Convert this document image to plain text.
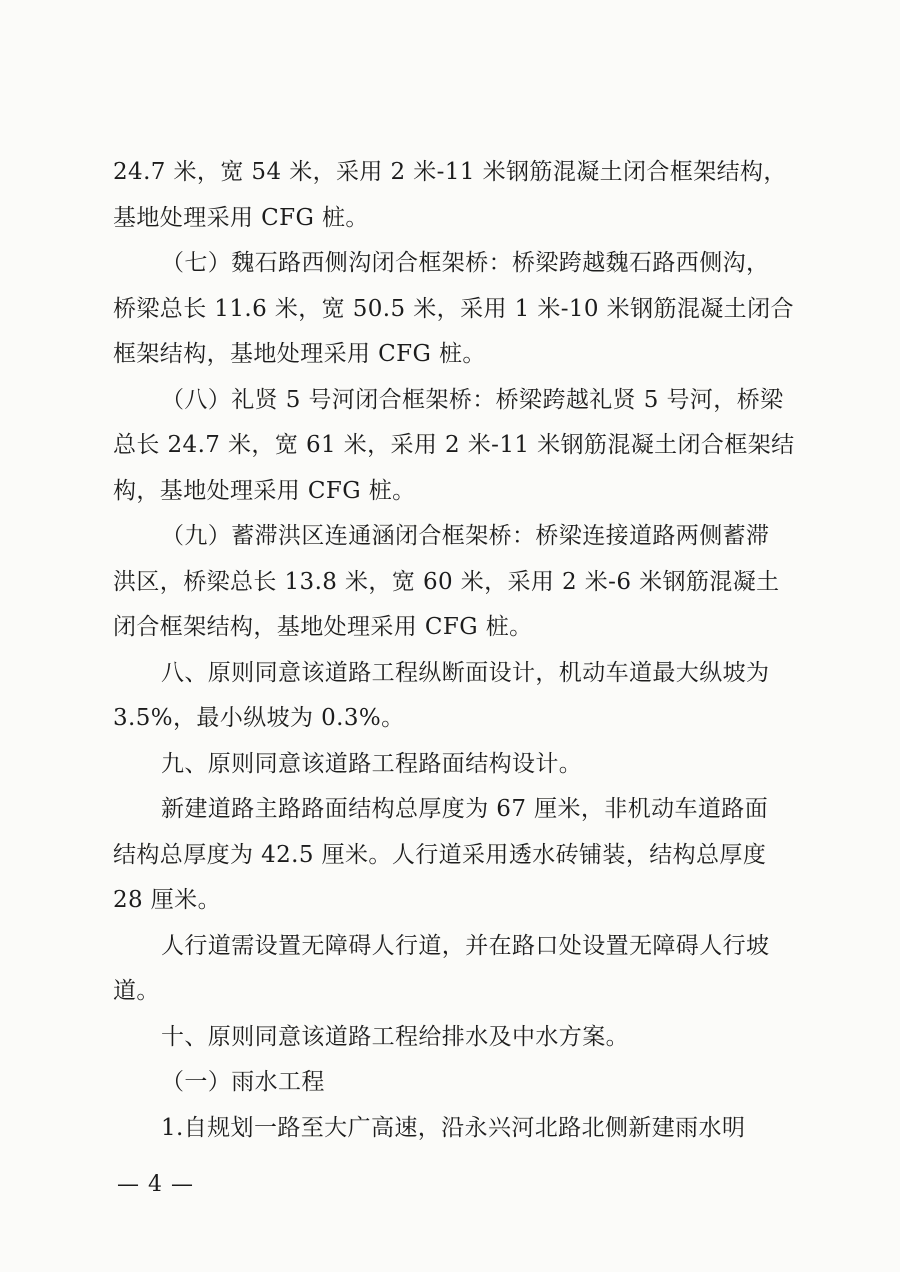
24.7 米，宽 54 米，采用 2 米-11 米钢筋混凝土闭合框架结构，
基地处理采用 CFG 桩。
（七）魏石路西侧沟闭合框架桥：桥梁跨越魏石路西侧沟，
桥梁总长 11.6 米，宽 50.5 米，采用 1 米-10 米钢筋混凝土闭合
框架结构，基地处理采用 CFG 桩。
（八）礼贤 5 号河闭合框架桥：桥梁跨越礼贤 5 号河，桥梁
总长 24.7 米，宽 61 米，采用 2 米-11 米钢筋混凝土闭合框架结
构，基地处理采用 CFG 桩。
（九）蓄滞洪区连通涵闭合框架桥：桥梁连接道路两侧蓄滞
洪区，桥梁总长 13.8 米，宽 60 米，采用 2 米-6 米钢筋混凝土
闭合框架结构，基地处理采用 CFG 桩。
八、原则同意该道路工程纵断面设计，机动车道最大纵坡为
3.5%，最小纵坡为 0.3%。
九、原则同意该道路工程路面结构设计。
新建道路主路路面结构总厚度为 67 厘米，非机动车道路面
结构总厚度为 42.5 厘米。人行道采用透水砖铺装，结构总厚度
28 厘米。
人行道需设置无障碍人行道，并在路口处设置无障碍人行坡
道。
十、原则同意该道路工程给排水及中水方案。
（一）雨水工程
1.自规划一路至大广高速，沿永兴河北路北侧新建雨水明
— 4 —
